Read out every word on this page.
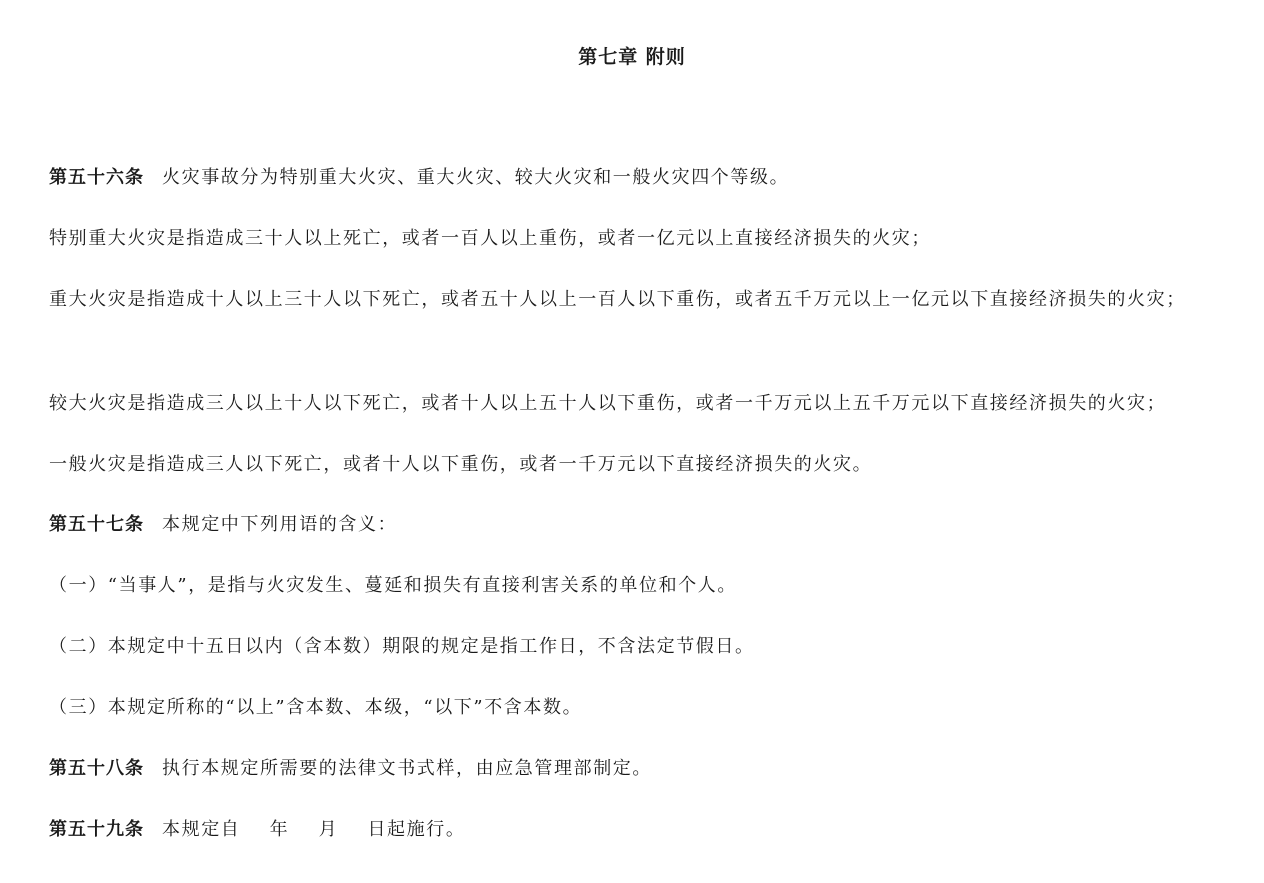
第七章 附则
第五十六条 火灾事故分为特别重大火灾、重大火灾、较大火灾和一般火灾四个等级。
特别重大火灾是指造成三十人以上死亡，或者一百人以上重伤，或者一亿元以上直接经济损失的火灾；
重大火灾是指造成十人以上三十人以下死亡，或者五十人以上一百人以下重伤，或者五千万元以上一亿元以下直接经济损失的火灾；
较大火灾是指造成三人以上十人以下死亡，或者十人以上五十人以下重伤，或者一千万元以上五千万元以下直接经济损失的火灾；
一般火灾是指造成三人以下死亡，或者十人以下重伤，或者一千万元以下直接经济损失的火灾。
第五十七条 本规定中下列用语的含义：
（一）“当事人”，是指与火灾发生、蔓延和损失有直接利害关系的单位和个人。
（二）本规定中十五日以内（含本数）期限的规定是指工作日，不含法定节假日。
（三）本规定所称的“以上”含本数、本级，“以下”不含本数。
第五十八条 执行本规定所需要的法律文书式样，由应急管理部制定。
第五十九条 本规定自    年    月    日起施行。
